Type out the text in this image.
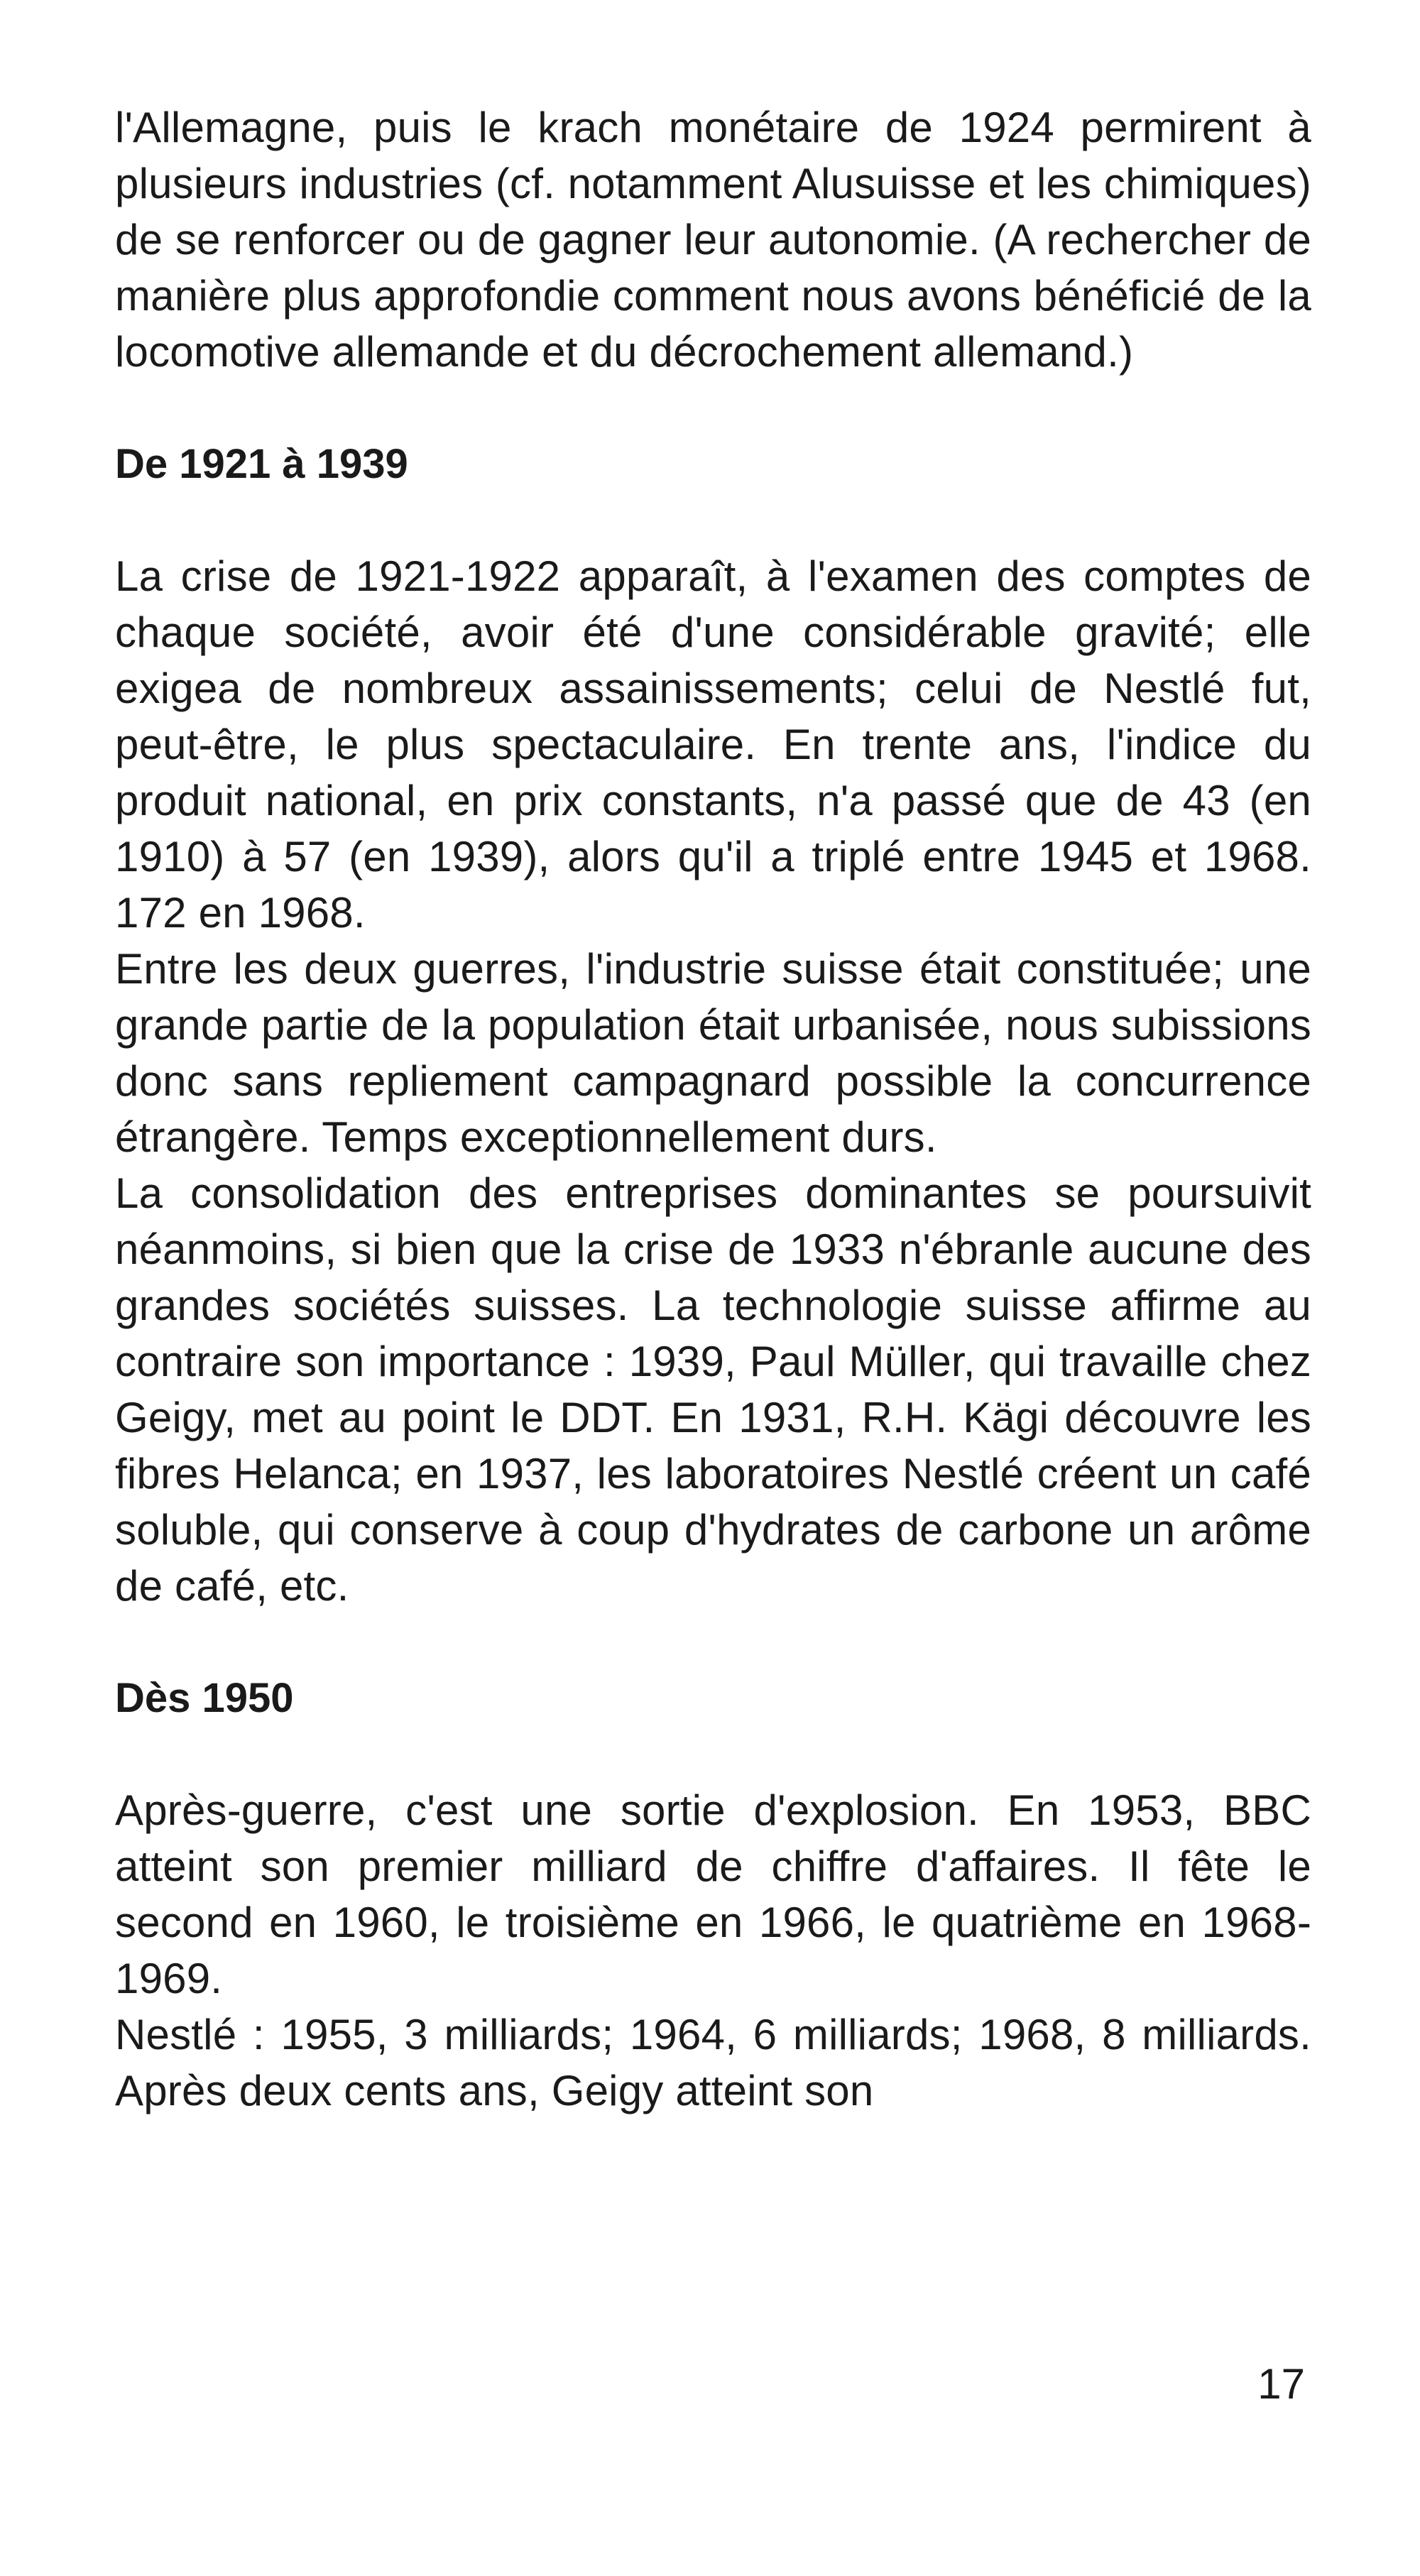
l'Allemagne, puis le krach monétaire de 1924 permirent à plusieurs industries (cf. notamment Alusuisse et les chimiques) de se renforcer ou de gagner leur autonomie. (A rechercher de manière plus approfondie comment nous avons bénéficié de la locomotive allemande et du décrochement allemand.)

De 1921 à 1939

La crise de 1921-1922 apparaît, à l'examen des comptes de chaque société, avoir été d'une considérable gravité; elle exigea de nombreux assainissements; celui de Nestlé fut, peut-être, le plus spectaculaire. En trente ans, l'indice du produit national, en prix constants, n'a passé que de 43 (en 1910) à 57 (en 1939), alors qu'il a triplé entre 1945 et 1968. 172 en 1968.

Entre les deux guerres, l'industrie suisse était constituée; une grande partie de la population était urbanisée, nous subissions donc sans repliement campagnard possible la concurrence étrangère. Temps exceptionnellement durs.

La consolidation des entreprises dominantes se poursuivit néanmoins, si bien que la crise de 1933 n'ébranle aucune des grandes sociétés suisses. La technologie suisse affirme au contraire son importance : 1939, Paul Müller, qui travaille chez Geigy, met au point le DDT. En 1931, R.H. Kägi découvre les fibres Helanca; en 1937, les laboratoires Nestlé créent un café soluble, qui conserve à coup d'hydrates de carbone un arôme de café, etc.

Dès 1950

Après-guerre, c'est une sortie d'explosion. En 1953, BBC atteint son premier milliard de chiffre d'affaires. Il fête le second en 1960, le troisième en 1966, le quatrième en 1968-1969.

Nestlé : 1955, 3 milliards; 1964, 6 milliards; 1968, 8 milliards. Après deux cents ans, Geigy atteint son

17
